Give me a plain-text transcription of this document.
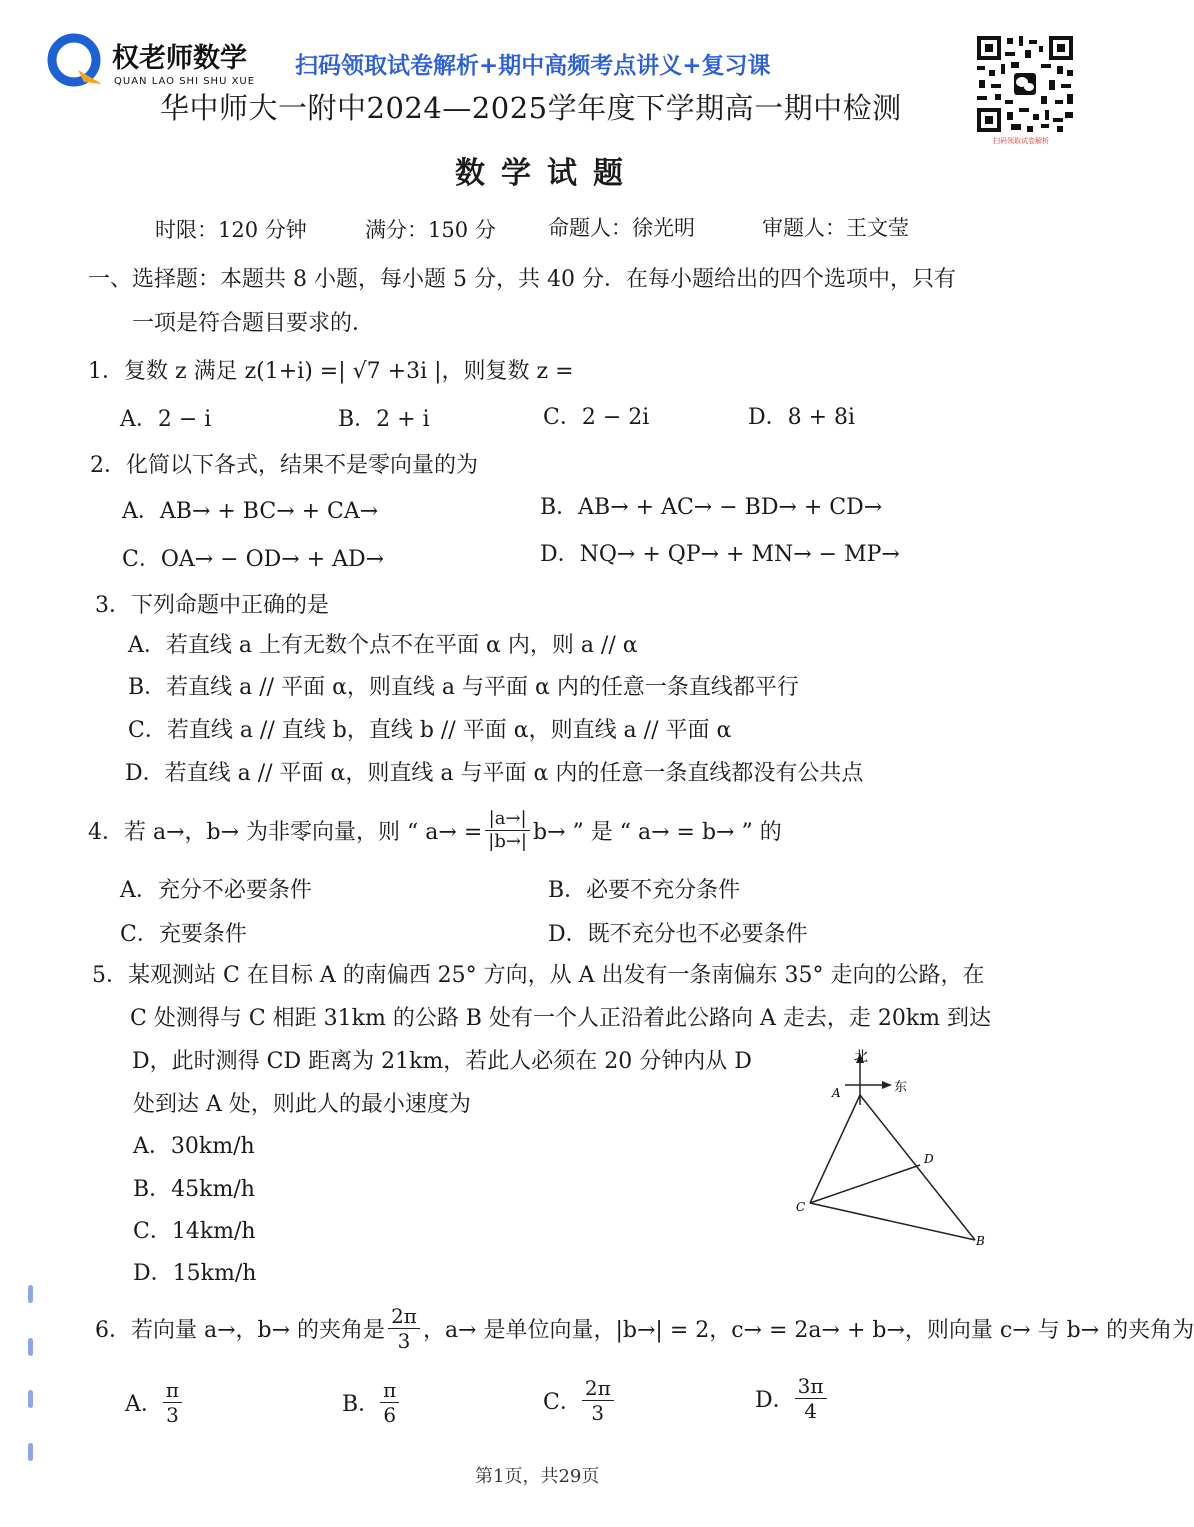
权老师数学
QUAN LAO SHI SHU XUE
扫码领取试卷解析+期中高频考点讲义+复习课
扫码领取试卷解析
华中师大一附中2024—2025学年度下学期高一期中检测
数学试题
时限：120 分钟	满分：150 分 命题人：徐光明	审题人：王文莹
一、选择题：本题共 8 小题，每小题 5 分，共 40 分．在每小题给出的四个选项中，只有
一项是符合题目要求的．
1．复数 z 满足 z(1+i) =| √7 +3i |，则复数 z =
A．2 − i	B．2 + i	C．2 − 2i	D．8 + 8i
2．化简以下各式，结果不是零向量的为
A．AB→ + BC→ + CA→	B．AB→ + AC→ − BD→ + CD→
C．OA→ − OD→ + AD→	D．NQ→ + QP→ + MN→ − MP→
3．下列命题中正确的是
A．若直线 a 上有无数个点不在平面 α 内，则 a // α
B．若直线 a // 平面 α，则直线 a 与平面 α 内的任意一条直线都平行
C．若直线 a // 直线 b，直线 b // 平面 α，则直线 a // 平面 α
D．若直线 a // 平面 α，则直线 a 与平面 α 内的任意一条直线都没有公共点
4．若 a→，b→ 为非零向量，则 “ $a\to = \frac{|a\to|}{|b\to|} b\to$ ” 是 “ a→ = b→ ” 的
A．充分不必要条件	B．必要不充分条件
C．充要条件	D．既不充分也不必要条件
5．某观测站 C 在目标 A 的南偏西 25° 方向，从 A 出发有一条南偏东 35° 走向的公路，在
C 处测得与 C 相距 31km 的公路 B 处有一个人正沿着此公路向 A 走去，走 20km 到达
D，此时测得 CD 距离为 21km，若此人必须在 20 分钟内从 D
处到达 A 处，则此人的最小速度为
A．30km/h
B．45km/h
C．14km/h
D．15km/h
北
东
A
B
C
D
6．若向量 a→，b→ 的夹角是 $\frac{2\pi}{3}$ ，a→ 是单位向量，|b→| = 2，c→ = 2a→ + b→，则向量 c→ 与 b→ 的夹角为
A． $\frac{\pi}{3}$	B． $\frac{\pi}{6}$	C． $\frac{2\pi}{3}$	D． $\frac{3\pi}{4}$
第1页，共29页
